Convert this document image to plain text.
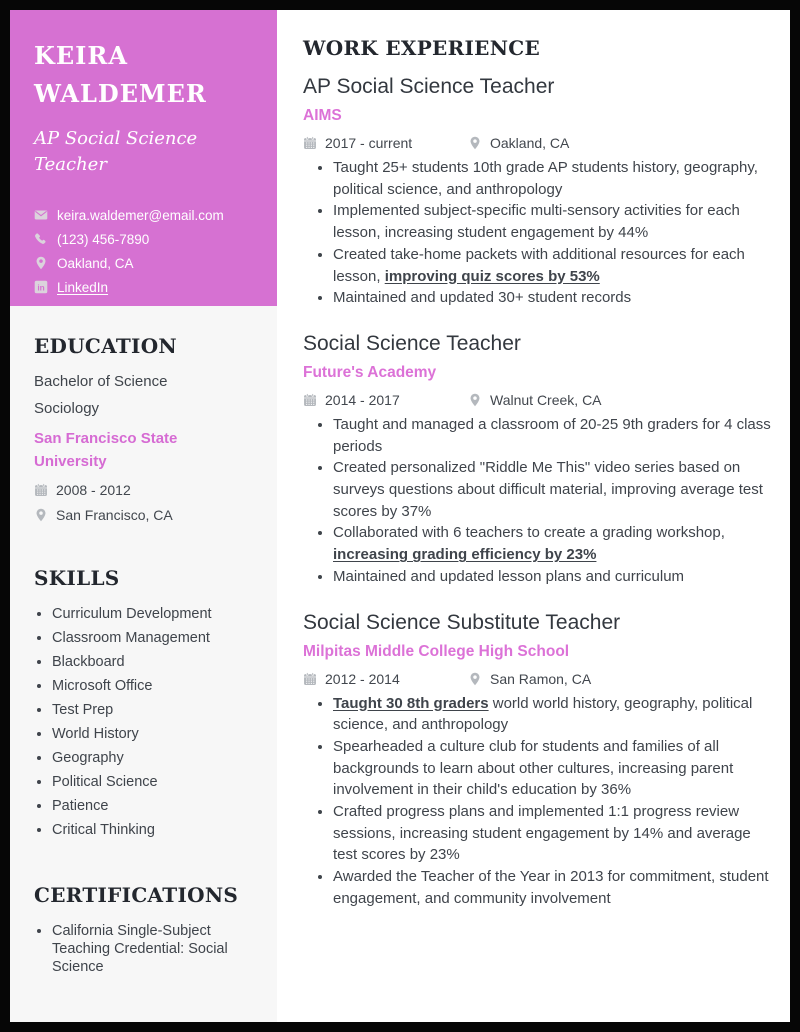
KEIRA WALDEMER
AP Social Science Teacher
keira.waldemer@email.com
(123) 456-7890
Oakland, CA
in LinkedIn
EDUCATION

Bachelor of Science

Sociology

San Francisco State University

2008 - 2012
San Francisco, CA
SKILLS
• Curriculum Development
• Classroom Management
• Blackboard
• Microsoft Office
• Test Prep
• World History
• Geography
• Political Science
• Patience
• Critical Thinking
CERTIFICATIONS
• California Single-Subject Teaching Credential: Social Science
WORK EXPERIENCE
AP Social Science Teacher
AIMS
2017 - current	Oakland, CA
• Taught 25+ students 10th grade AP students history, geography, political science, and anthropology
• Implemented subject-specific multi-sensory activities for each lesson, increasing student engagement by 44%
• Created take-home packets with additional resources for each lesson, improving quiz scores by 53%
• Maintained and updated 30+ student records
Social Science Teacher
Future's Academy
2014 - 2017	Walnut Creek, CA
• Taught and managed a classroom of 20-25 9th graders for 4 class periods
• Created personalized "Riddle Me This" video series based on surveys questions about difficult material, improving average test scores by 37%
• Collaborated with 6 teachers to create a grading workshop, increasing grading efficiency by 23%
• Maintained and updated lesson plans and curriculum
Social Science Substitute Teacher
Milpitas Middle College High School
2012 - 2014	San Ramon, CA
• Taught 30 8th graders world world history, geography, political science, and anthropology
• Spearheaded a culture club for students and families of all backgrounds to learn about other cultures, increasing parent involvement in their child's education by 36%
• Crafted progress plans and implemented 1:1 progress review sessions, increasing student engagement by 14% and average test scores by 23%
• Awarded the Teacher of the Year in 2013 for commitment, student engagement, and community involvement
